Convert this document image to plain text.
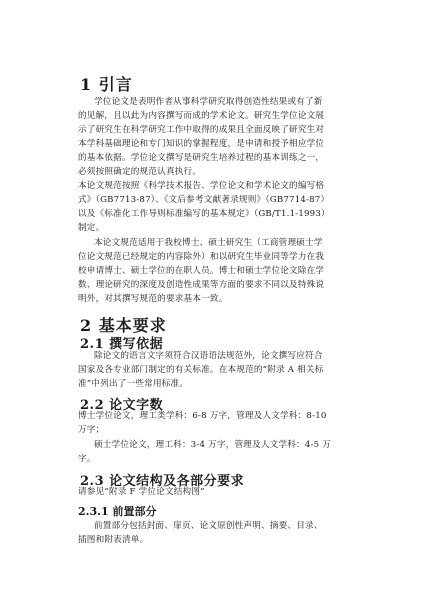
1 引言
学位论文是表明作者从事科学研究取得创造性结果或有了新
的见解，且以此为内容撰写而成的学术论文。研究生学位论文展
示了研究生在科学研究工作中取得的成果且全面反映了研究生对
本学科基础理论和专门知识的掌握程度，是申请和授予相应学位
的基本依据。学位论文撰写是研究生培养过程的基本训练之一，
必须按照确定的规范认真执行。
本论文规范按照《科学技术报告、学位论文和学术论文的编写格
式》（GB7713-87）、《文后参考文献著录规则》（GB7714-87）
以及《标准化工作导则标准编写的基本规定》（GB/T1.1-1993）
制定。
本论文规范适用于我校博士、硕士研究生（工商管理硕士学
位论文规范已经规定的内容除外）和以研究生毕业同等学力在我
校申请博士、硕士学位的在职人员。博士和硕士学位论文除在学
数、理论研究的深度及创造性成果等方面的要求不同以及特殊说
明外，对其撰写规范的要求基本一致。
2 基本要求
2.1 撰写依据
除论文的语言文字须符合汉语语法规范外，论文撰写应符合
国家及各专业部门制定的有关标准。在本规范的“附录 A 相关标
准”中列出了一些常用标准。
2.2 论文字数
博士学位论文，理工类学科：6-8 万字，管理及人文学科：8-10
万字；
硕士学位论文，理工科：3-4 万字，管理及人文学科：4-5 万
字。
2.3 论文结构及各部分要求
请参见“附录 F 学位论文结构图”
2.3.1 前置部分
前置部分包括封面、扉页、论文原创性声明、摘要、目录、
插图和附表清单。
